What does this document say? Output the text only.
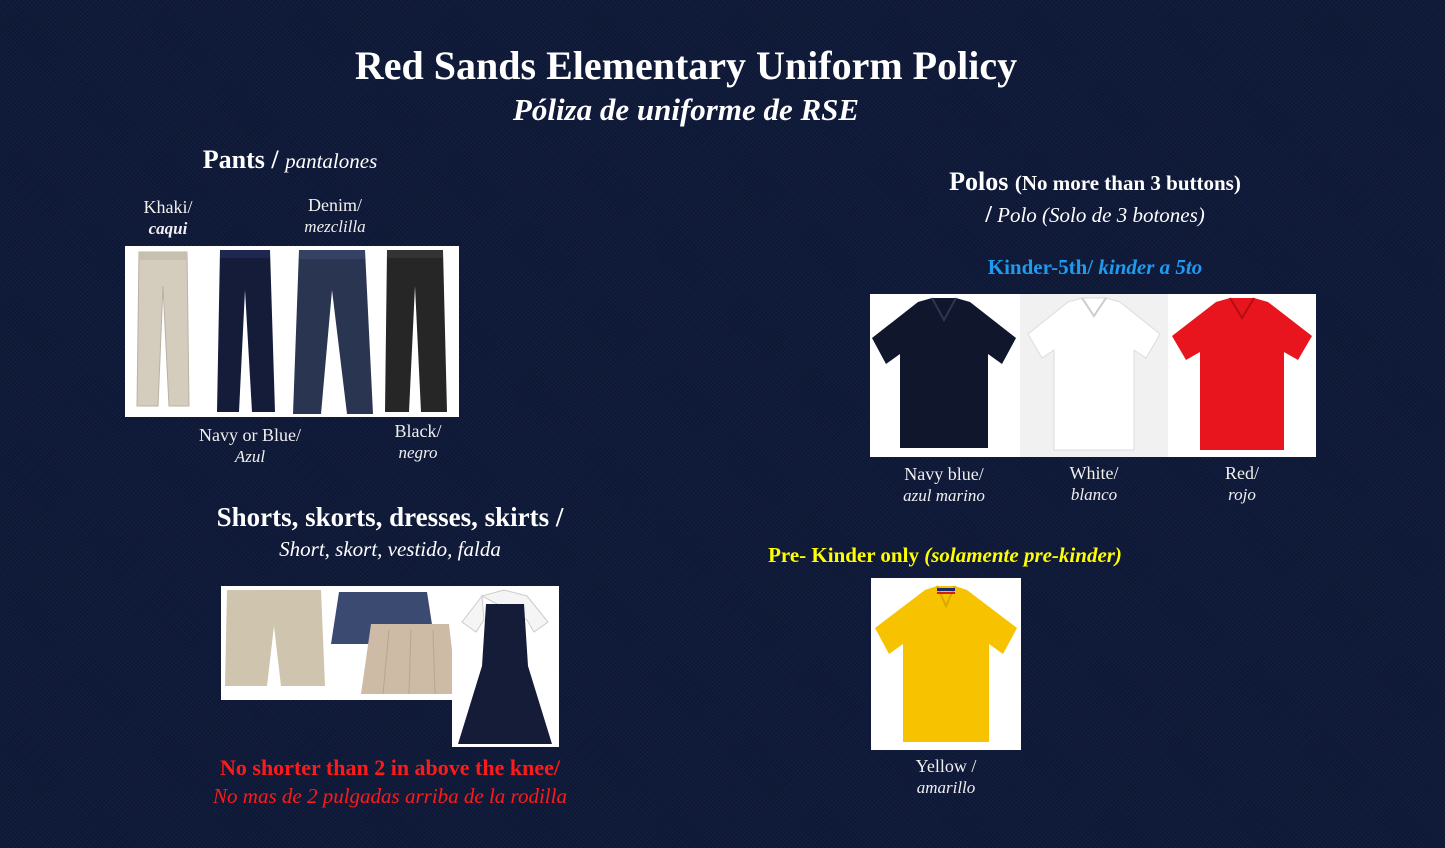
Red Sands Elementary Uniform Policy
Póliza de uniforme de RSE
Pants / pantalones
Khaki/
caqui
Denim/
mezclilla
Navy or Blue/
Azul
Black/
negro
Shorts, skorts, dresses, skirts /
Short, skort, vestido, falda
No shorter than 2 in above the knee/
No mas de 2 pulgadas arriba de la rodilla
Polos (No more than 3 buttons)
/ Polo (Solo de 3 botones)
Kinder-5th/ kinder a 5to
Navy blue/
azul marino
White/
blanco
Red/
rojo
Pre- Kinder only (solamente pre-kinder)
Yellow /
amarillo
